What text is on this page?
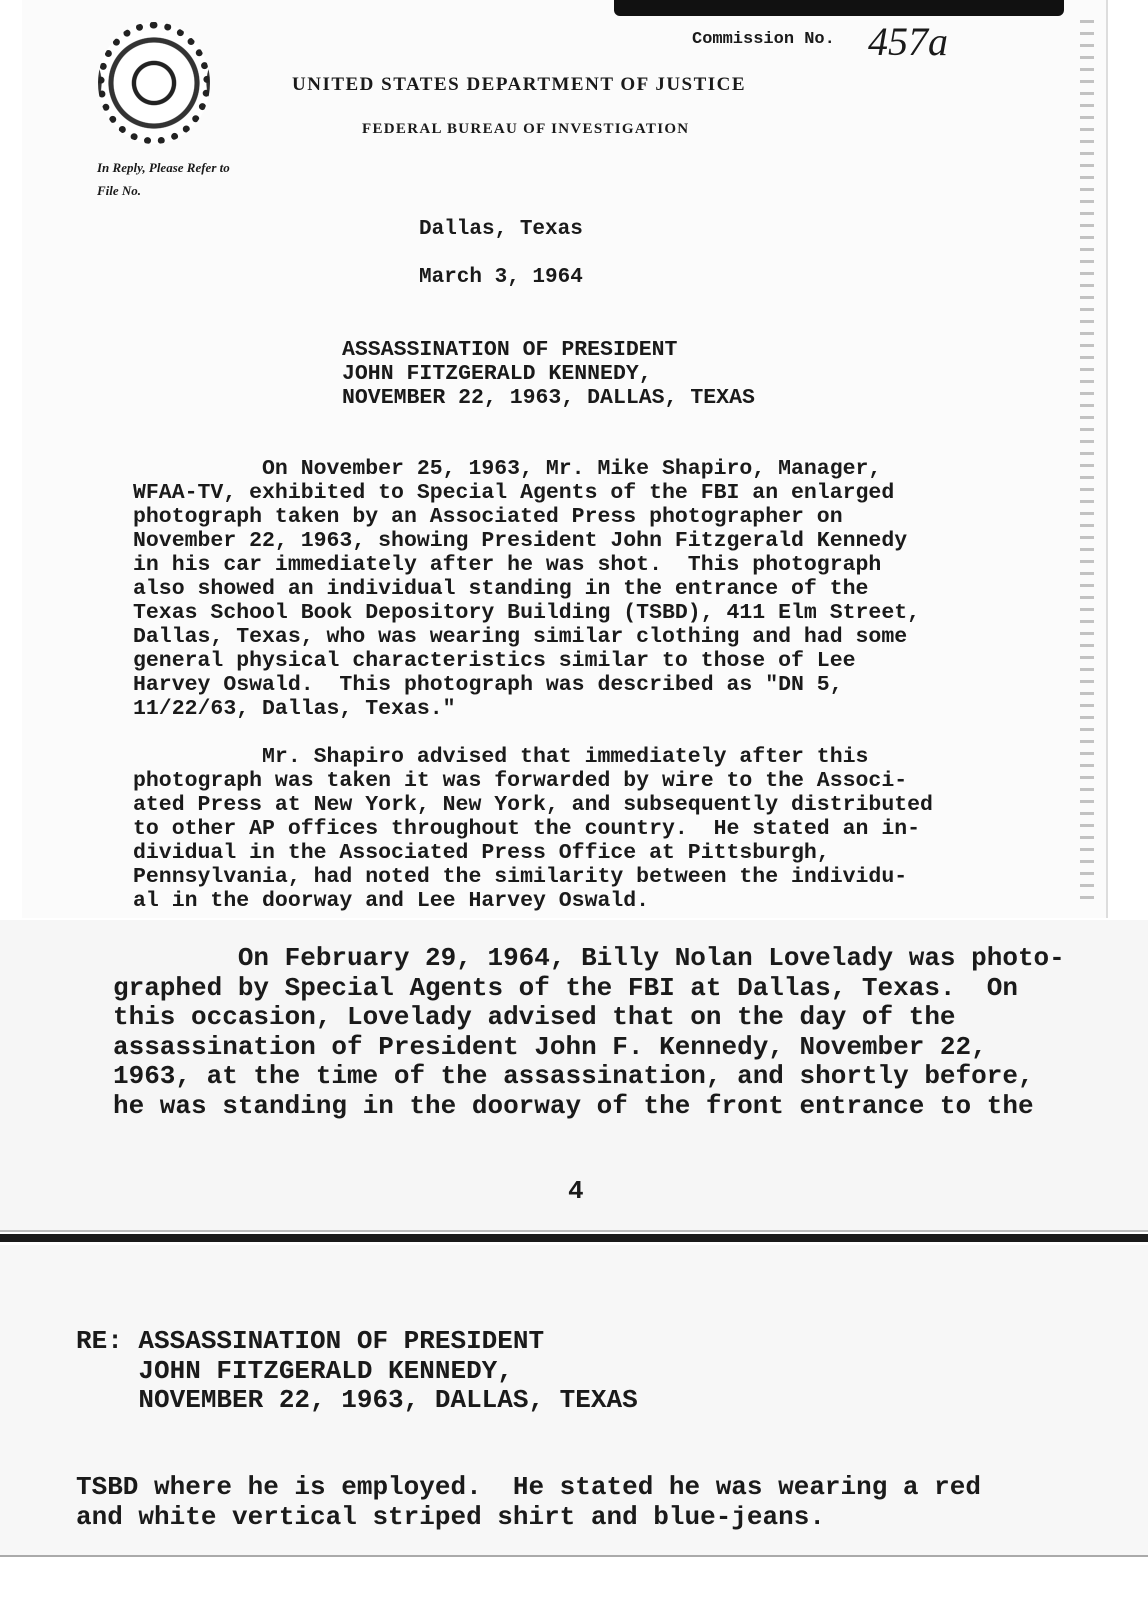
Commission No. 457a
UNITED STATES DEPARTMENT OF JUSTICE
FEDERAL BUREAU OF INVESTIGATION
In Reply, Please Refer to
File No.
Dallas, Texas
March 3, 1964
ASSASSINATION OF PRESIDENT
JOHN FITZGERALD KENNEDY,
NOVEMBER 22, 1963, DALLAS, TEXAS
On November 25, 1963, Mr. Mike Shapiro, Manager,
WFAA-TV, exhibited to Special Agents of the FBI an enlarged
photograph taken by an Associated Press photographer on
November 22, 1963, showing President John Fitzgerald Kennedy
in his car immediately after he was shot.  This photograph
also showed an individual standing in the entrance of the
Texas School Book Depository Building (TSBD), 411 Elm Street,
Dallas, Texas, who was wearing similar clothing and had some
general physical characteristics similar to those of Lee
Harvey Oswald.  This photograph was described as "DN 5,
11/22/63, Dallas, Texas."
Mr. Shapiro advised that immediately after this
photograph was taken it was forwarded by wire to the Associ-
ated Press at New York, New York, and subsequently distributed
to other AP offices throughout the country.  He stated an in-
dividual in the Associated Press Office at Pittsburgh,
Pennsylvania, had noted the similarity between the individu-
al in the doorway and Lee Harvey Oswald.
On February 29, 1964, Billy Nolan Lovelady was photo-
graphed by Special Agents of the FBI at Dallas, Texas.  On
this occasion, Lovelady advised that on the day of the
assassination of President John F. Kennedy, November 22,
1963, at the time of the assassination, and shortly before,
he was standing in the doorway of the front entrance to the
4
RE: ASSASSINATION OF PRESIDENT
JOHN FITZGERALD KENNEDY,
NOVEMBER 22, 1963, DALLAS, TEXAS
TSBD where he is employed.  He stated he was wearing a red
and white vertical striped shirt and blue-jeans.
